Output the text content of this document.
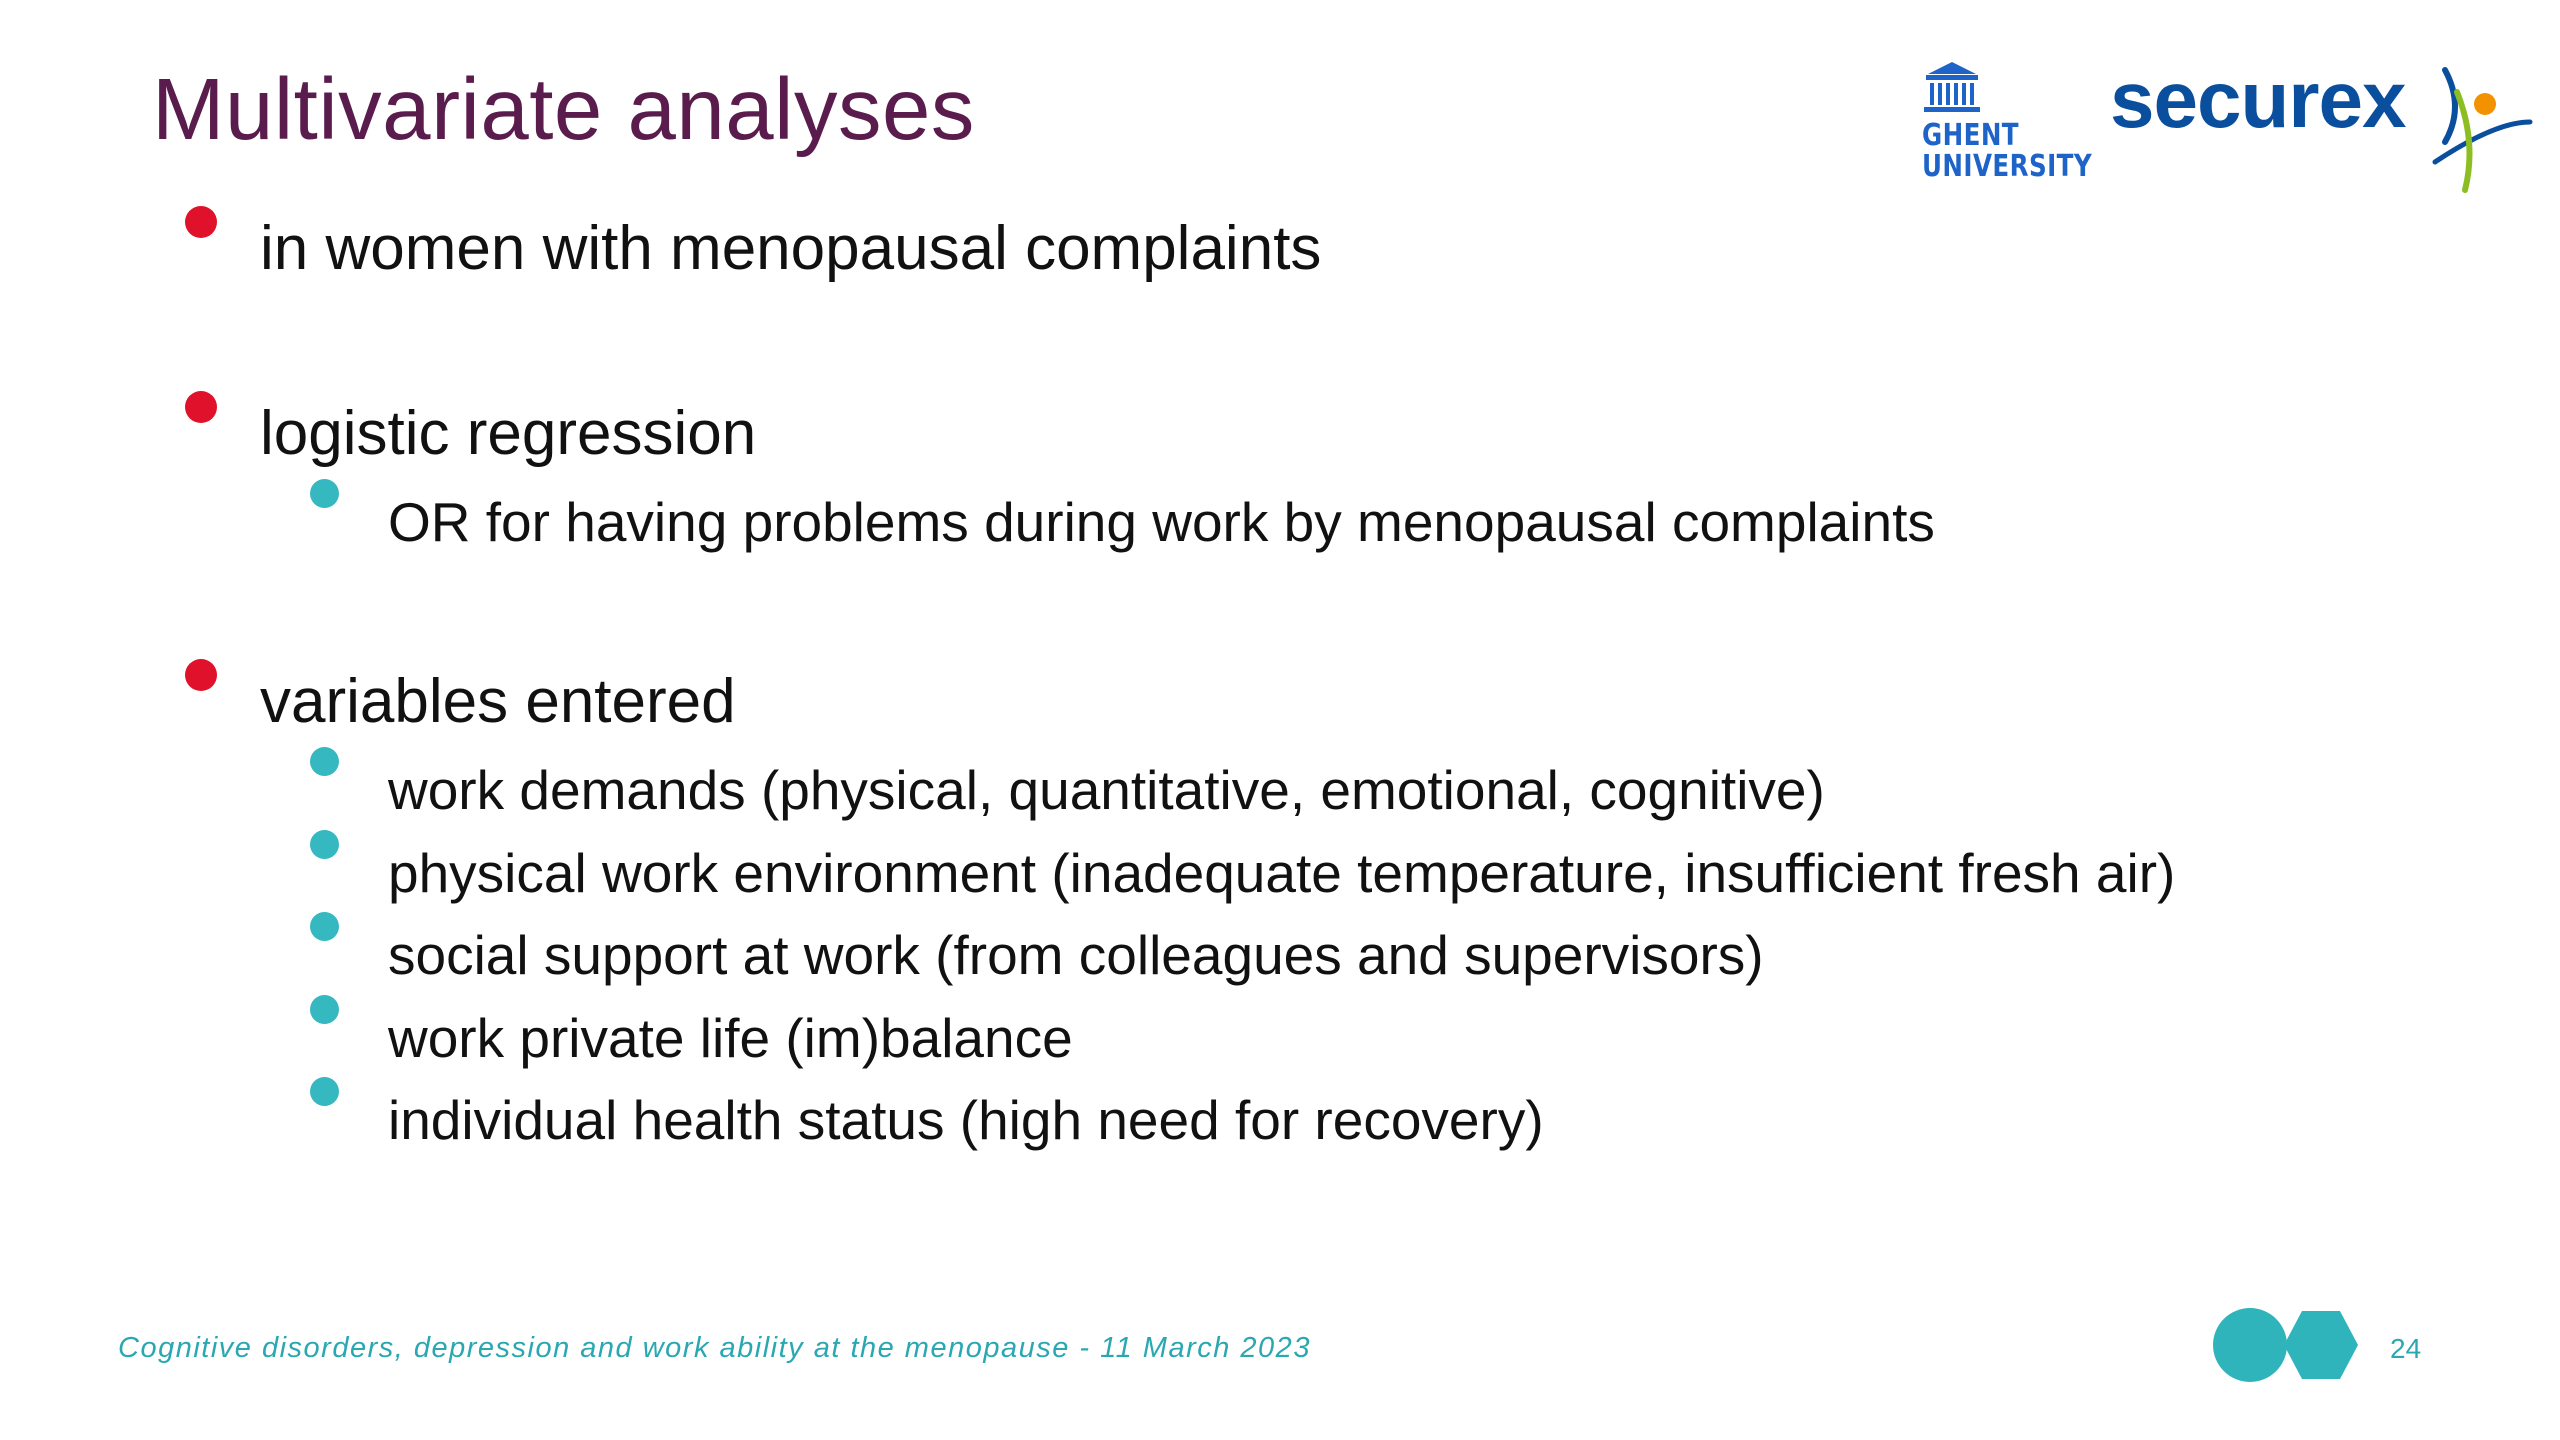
Multivariate analyses	GHENT
UNIVERSITY
securex
in women with menopausal complaints
logistic regression
OR for having problems during work by menopausal complaints
variables entered
work demands (physical, quantitative, emotional, cognitive)
physical work environment (inadequate temperature, insufficient fresh air)
social support at work (from colleagues and supervisors)
work private life (im)balance
individual health status (high need for recovery)
Cognitive disorders, depression and work ability at the menopause - 11 March 2023	24
